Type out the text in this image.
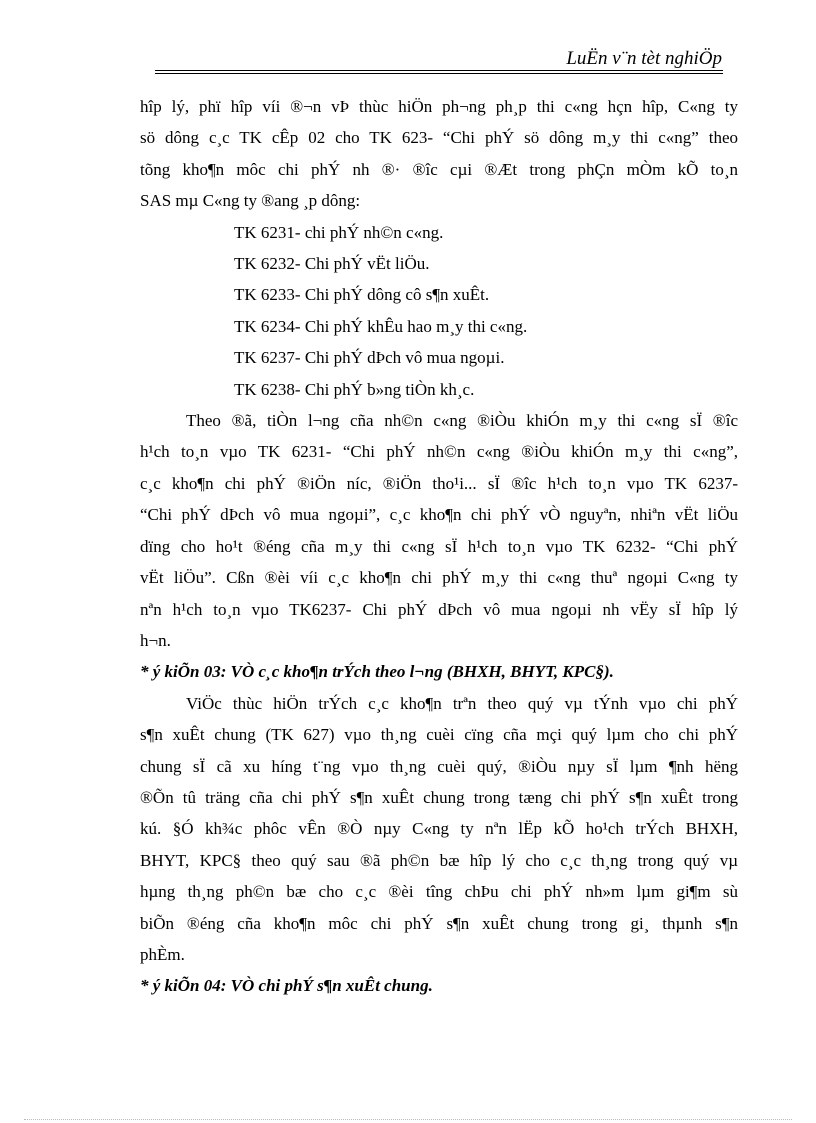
LuËn v¨n tèt nghiÖp

hîp lý, phï hîp víi ®¬n vÞ thùc hiÖn ph¬ng ph¸p thi c«ng hçn hîp, C«ng ty

sö dông c¸c TK cÊp 02 cho TK 623- “Chi phÝ sö dông m¸y thi c«ng” theo

tõng kho¶n môc chi phÝ nh ®· ®îc cµi ®Æt trong phÇn mÒm kÕ to¸n

SAS mµ C«ng ty ®ang ¸p dông:

TK 6231- chi phÝ nh©n c«ng.

TK 6232- Chi phÝ vËt liÖu.

TK 6233- Chi phÝ dông cô s¶n xuÊt.

TK 6234- Chi phÝ khÊu hao m¸y thi c«ng.

TK 6237- Chi phÝ dÞch vô mua ngoµi.

TK 6238- Chi phÝ b»ng tiÒn kh¸c.

Theo ®ã, tiÒn l¬ng cña nh©n c«ng ®iÒu khiÓn m¸y thi c«ng sÏ ®îc

h¹ch to¸n vµo TK 6231- “Chi phÝ nh©n c«ng ®iÒu khiÓn m¸y thi c«ng”,

c¸c kho¶n chi phÝ ®iÖn níc, ®iÖn tho¹i... sÏ ®îc h¹ch to¸n vµo TK 6237-

“Chi phÝ dÞch vô mua ngoµi”, c¸c kho¶n chi phÝ vÒ nguyªn, nhiªn vËt liÖu

dïng cho ho¹t ®éng cña m¸y thi c«ng sÏ h¹ch to¸n vµo TK 6232- “Chi phÝ

vËt liÖu”. Cßn ®èi víi c¸c kho¶n chi phÝ m¸y thi c«ng thuª ngoµi C«ng ty

nªn h¹ch to¸n vµo TK6237- Chi phÝ dÞch vô mua ngoµi nh vËy sÏ hîp lý

h¬n.

* ý kiÕn 03: VÒ c¸c kho¶n trÝch theo l¬ng (BHXH, BHYT, KPC§).

ViÖc thùc hiÖn trÝch c¸c kho¶n trªn theo quý vµ tÝnh vµo chi phÝ

s¶n xuÊt chung (TK 627) vµo th¸ng cuèi cïng cña mçi quý lµm cho chi phÝ

chung sÏ cã xu híng t¨ng vµo th¸ng cuèi quý, ®iÒu nµy sÏ lµm ¶nh hëng

®Õn tû träng cña chi phÝ s¶n xuÊt chung trong tæng chi phÝ s¶n xuÊt trong

kú. §Ó kh¾c phôc vÊn ®Ò nµy C«ng ty nªn lËp kÕ ho¹ch trÝch BHXH,

BHYT, KPC§ theo quý sau ®ã ph©n bæ hîp lý cho c¸c th¸ng trong quý vµ

hµng th¸ng ph©n bæ cho c¸c ®èi tîng chÞu chi phÝ nh»m lµm gi¶m sù

biÕn ®éng cña kho¶n môc chi phÝ s¶n xuÊt chung trong gi¸ thµnh s¶n

phÈm.

* ý kiÕn 04: VÒ chi phÝ s¶n xuÊt chung.
